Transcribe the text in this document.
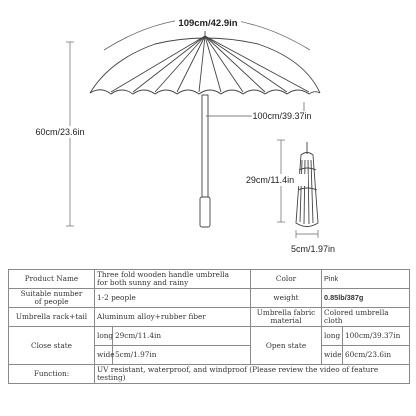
109cm/42.9in
100cm/39.37in
60cm/23.6in
29cm/11.4in
5cm/1.97in
Product Name	Three fold wooden handle umbrella
for both sunny and rainy		Color	Pink	
Suitable number
of people	1-2 people		weight	0.85lb/387g	
Umbrella rack+tail	Aluminum alloy+rubber fiber		Umbrella fabric
material	Colored umbrella cloth	
Close state	long	29cm/11.4in	Open state	long	100cm/39.37in
	wide	5cm/1.97in		wide	60cm/23.6in
Function:	UV resistant, waterproof, and windproof (Please review the video of feature testing)				
